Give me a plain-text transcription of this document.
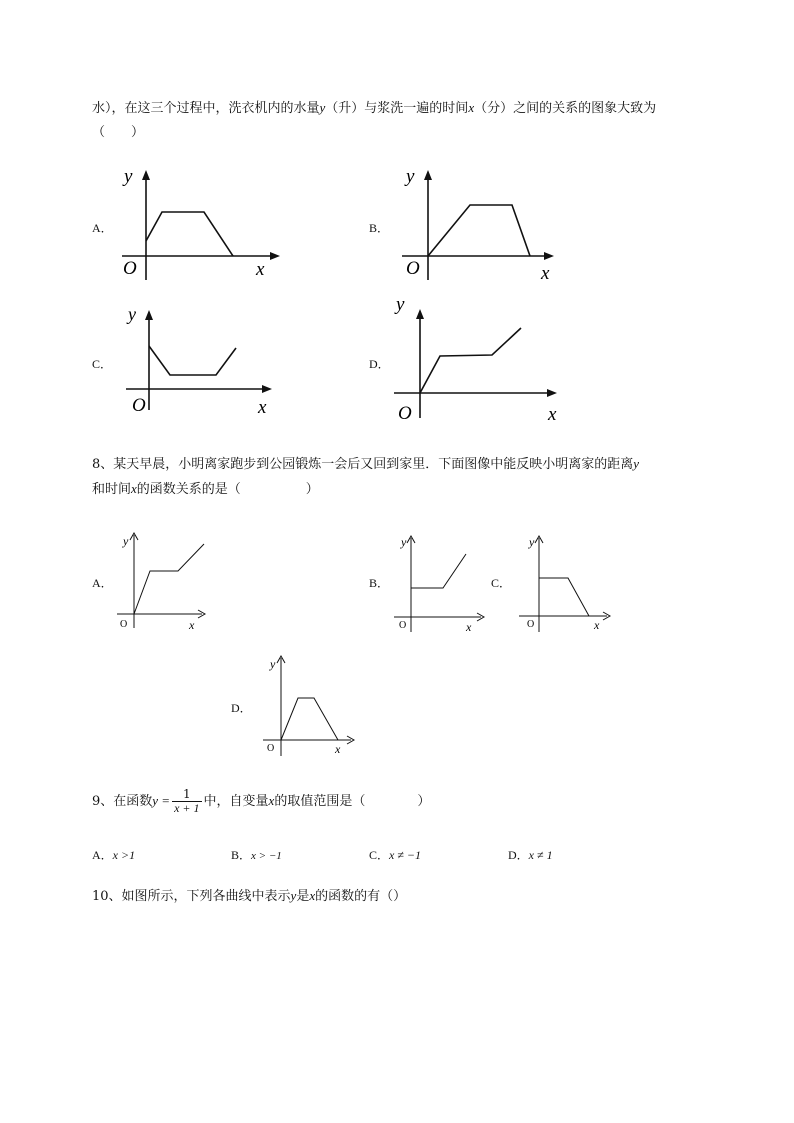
水），在这三个过程中，洗衣机内的水量y（升）与浆洗一遍的时间x（分）之间的关系的图象大致为
（　　）
A．
y
O	x
B．
y
O	x
C．
y
O	x
D．
y
O	x
8、某天早晨，小明离家跑步到公园锻炼一会后又回到家里．下面图像中能反映小明离家的距离y
和时间x的函数关系的是（　　　　　）
A．
y
O	x
B．
y
O	x
C．
y
O	x
D．
y
O	x
9、在函数$y = \frac{1}{x + 1}$ 中，自变量x的取值范围是（　　　　）
A．x >1	B．x > −1	C．x ≠ −1	D．x ≠ 1
10、如图所示，下列各曲线中表示y是x的函数的有（）
